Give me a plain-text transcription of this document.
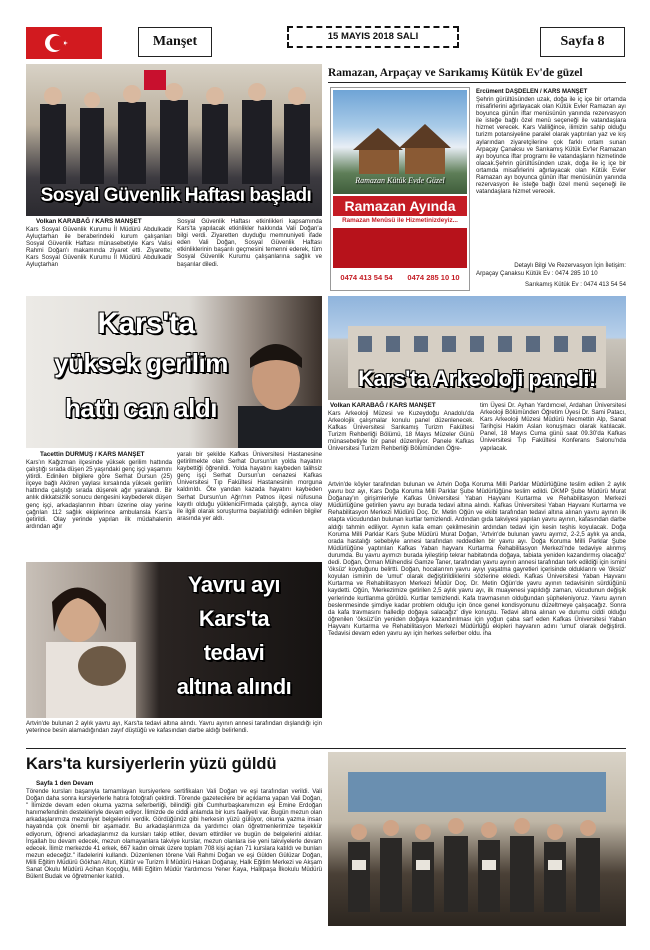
Manşet	15 MAYIS 2018 SALI	Sayfa 8
Sosyal Güvenlik Haftası başladı
Volkan KARABAĞ / KARS MANŞET
Kars Sosyal Güvenlik Kurumu İl Müdürü Abdulkadir Ayluçtarhan ile beraberindeki kurum çalışanları Sosyal Güvenlik Haftası münasebetiyle Kars Valisi Rahmi Doğan'ı makamında ziyaret etti. Ziyarette; Kars Sosyal Güvenlik Kurumu İl Müdürü Abdulkadir Ayluçtarhan
Sosyal Güvenlik Haftası etkinlikleri kapsamında Kars'ta yapılacak etkinlikler hakkında Vali Doğan'a bilgi verdi. Ziyaretten duyduğu memnuniyeti ifade eden Vali Doğan, Sosyal Güvenlik Haftası etkinliklerinin başarılı geçmesini temenni ederek, tüm Sosyal Güvenlik Kurumu çalışanlarına sağlık ve başarılar diledi.
Ramazan, Arpaçay ve Sarıkamış Kütük Ev'de güzel
Ramazan Kütük Evde Güzel
Ramazan Ayında
Ramazan Menüsü ile Hizmetinizdeyiz...
0474 413 54 54 0474 285 10 10
Ercüment DAŞDELEN / KARS MANŞET
Şehrin gürültüsünden uzak, doğa ile iç içe bir ortamda misafirlerini ağırlayacak olan Kütük Evler Ramazan ayı boyunca günün iftar menüsünün yanında rezervasyon ile isteğe bağlı özel menü seçeneği ile vatandaşlara hizmet verecek. Kars Valiliğince, ilimizin sahip olduğu turizm potansiyeline paralel olarak yaptırılan yaz ve kış aylarından ziyaretçilerine çok farklı ortam sunan Arpaçay Çanaksu ve Sarıkamış Kütük Ev'ler Ramazan ayı boyunca iftar programı ile vatandaşların hizmetinde olacak.Şehrin gürültüsünden uzak, doğa ile iç içe bir ortamda misafirlerini ağırlayacak olan Kütük Evler Ramazan ayı boyunca günün iftar menüsünün yanında rezervasyon ile isteğe bağlı özel menü seçeneği ile vatandaşlara hizmet verecek.
Detaylı Bilgi Ve Rezervasyon İçin İletişim:
Arpaçay Çanaksu Kütük Ev : 0474 285 10 10
Sarıkamış Kütük Ev : 0474 413 54 54
Kars'ta
yüksek gerilim
hattı can aldı
Tacettin DURMUŞ / KARS MANŞET
Kars'ın Kağızman ilçesinde yüksek gerilim hattında çalıştığı sırada düşen 25 yaşındaki genç işçi yaşamını yitirdi. Edinilen bilgilere göre Serhat Dursun (25) ilçeye bağlı Akören yaylası kırsalında yüksek gerilim hattında çalıştığı sırada düşerek ağır yaralandı. Bir anlık dikkatsizlik sonucu dengesini kaybederek düşen genç işçi, arkadaşlarının ihbarı üzerine olay yerine çağrılan 112 sağlık ekiplerince ambulansla Kars'a getirildi. Olay yerinde yapılan ilk müdahalenin ardından ağır
yaralı bir şekilde Kafkas Üniversitesi Hastanesine getirilmekte olan Serhat Dursun'un yolda hayatını kaybettiği öğrenildi. Yolda hayatını kaybeden talihsiz genç işçi Serhat Dursun'un cenazesi Kafkas Üniversitesi Tıp Fakültesi Hastanesinin morguna kaldırıldı. Öte yandan kazada hayatını kaybeden Serhat Dursun'un Ağrı'nın Patnos ilçesi nüfusuna kayıtlı olduğu yükleniciFirmada çalıştığı, ayrıca olay ile ilgili olarak soruşturma başlatıldığı edinilen bilgiler arasında yer aldı.
Kars'ta Arkeoloji paneli!
Volkan KARABAĞ / KARS MANŞET
Kars Arkeoloji Müzesi ve Kuzeydoğu Anadolu'da Arkeolojik çalışmalar konulu panel düzenlenecek. Kafkas Üniversitesi Sarıkamış Turizm Fakültesi Turizm Rehberliği Bölümü, 18 Mayıs Müzeler Günü münasebetiyle bir panel düzenliyor. Panele Kafkas Üniversitesi Turizm Rehberliği Bölümünden Öğre-
tim Üyesi Dr. Ayhan Yardımcıel, Ardahan Üniversitesi Arkeoloji Bölümünden Öğretim Üyesi Dr. Sami Patacı, Kars Arkeoloji Müzesi Müdürü Necmettin Alp, Sanat Tarihçisi Hakim Aslan konuşmacı olarak katılacak. Panel, 18 Mayıs Cuma günü saat 09.30'da Kafkas Üniversitesi Tıp Fakültesi Konferans Salonu'nda yapılacak.
Yavru ayı
Kars'ta
tedavi
altına alındı
Artvin'de bulunan 2 aylık yavru ayı, Kars'ta tedavi altına alındı. Yavru ayının annesi tarafından dışlandığı için yeterince besin alamadığından zayıf düştüğü ve kafasından darbe aldığı belirlendi.
Artvin'de köyler tarafından bulunan ve Artvin Doğa Koruma Milli Parklar Müdürlüğüne teslim edilen 2 aylık yavru boz ayı, Kars Doğa Koruma Milli Parklar Şube Müdürlüğüne teslim edildi. DKMP Şube Müdürü Murat Doğanay'ın girişimleriyle Kafkas Üniversitesi Yaban Hayvanı Kurtarma ve Rehabilitasyon Merkezi Müdürlüğüne getirilen yavru ayı burada tedavi altına alındı. Kafkas Üniversitesi Yaban Hayvanı Kurtarma ve Rehabilitasyon Merkezi Müdürü Doç. Dr. Metin Oğün ve ekibi tarafından tedavi altına alınan yavru ayının ilk etapta vücudundan bulunan kurtlar temizlendi. Ardından gıda takviyesi yapılan yavru ayının, kafasından darbe aldığı tahmin ediliyor. Ayının kafa emarı çekilmesinin ardından tedavi için kesin teşhis koyulacak. Doğa Koruma Milli Parklar Kars Şube Müdürü Murat Doğan, 'Artvin'de bulunan yavru ayımız, 2-2,5 aylık ya anda, orada hastalığı sebebiyle annesi tarafından reddedilen bir yavru ayı. Doğa Koruma Milli Parklar Şube Müdürlüğüne yaptırılan Kafkas Yaban hayvanı Kurtarma Rehabilitasyon Merkezi'nde tedaviye alınmış durumda. Bu yavru ayımızı burada iyileştirip tekrar habitatında doğaya, tabiata yeniden kazandırmış olacağız' dedi. Doğan, Orman Mühendisi Gamze Taner, tarafından yavru ayının annesi tarafından terk edildiği için ismini 'öksüz' koyduğunu belirtti. Doğan, hocalarının yavru ayıyı yaşatma gayretleri içerisinde olduklarını ve 'öksüz' koyulan isminin de 'umut' olarak değiştirildiklerini sözlerine ekledi. Kafkas Üniversitesi Yaban Hayvanı Kurtarma ve Rehabilitasyon Merkezi Müdür Doç. Dr. Metin Oğün'de yavru ayının tedavisinin sürdüğünü kaydetti. Oğün, 'Merkezimize getirilen 2,5 aylık yavru ayı, ilk muayenesi yapıldığı zaman, vücudunun değişik yerlerinde kurtlanma görüldü. Kurtlar temizlendi. Kafa travmasının olduğundan şüpheleniyoruz. Yavru ayının beslenmesinde şimdiye kadar problem olduğu için önce genel kondisyonunu düzeltmeye çalışacağız. Sonra da kafa travmasını halledip doğaya salacağız' diye konuştu. Tedavi altına alınan ve durumu ciddi olduğu öğrenilen 'öksüz'ün yeniden doğaya kazandırılması için yoğun çaba sarf eden Kafkas Üniversitesi Yaban Hayvanı Kurtarma ve Rehabilitasyon Merkezi Müdürlüğü ekipleri hayvanın adını 'umut' olarak değiştirdi. Tedavisi devam eden yavru ayı için herkes seferber oldu. iha
Kars'ta kursiyerlerin yüzü güldü
Sayfa 1 den Devam
Törende kursları başarıyla tamamlayan kursiyerlere sertifikaları Vali Doğan ve eşi tarafından verildi. Vali Doğan daha sonra kursiyerlerle hatıra fotoğrafı çektirdi. Törende gazetecilere bir açıklama yapan Vali Doğan, " İlimizde devam eden okuma yazma seferberliği, bilindiği gibi Cumhurbaşkanımızın eşi Emine Erdoğan hanımefendinin destekleriyle devam ediyor. İlimizde de ciddi anlamda bir kurs faaliyeti var. Bugün mezun olan arkadaşlarımıza mezuniyet belgelerini verdik. Gördüğünüz gibi herkesin yüzü gülüyor, okuma yazma insan hayatında çok önemli bir aşamadır. Bu arkadaşlarımıza da yardımcı olan öğretmenlerimize teşekkür ediyorum, öğrenci arkadaşlarımız da kursları takip ettiler, devam ettirdiler ve bugün de belgelerini aldılar. İnşallah bu devam edecek, mezun olamayanlara takviye kurslar, mezun olanlara ise yeni takviyelerle devam edecek. İlimiz merkezde 41 erkek, 667 kadın olmak üzere toplam 708 kişi açılan 71 kurslara katıldı ve bunları mezun edeceğiz." ifadelerini kullandı. Düzenlenen törene Vali Rahmi Doğan ve eşi Gülden Gülüzar Doğan, Milli Eğitim Müdürü Gökhan Altun, Kültür ve Turizm İl Müdürü Hakan Doğanay, Halk Eğitim Merkezi ve Akşam Sanat Okulu Müdürü Acihan Koçoğlu, Milli Eğitim Müdür Yardımcısı Yener Kaya, Halitpaşa İlkokulu Müdürü Bülent Budak ve öğretmenler katıldı.
